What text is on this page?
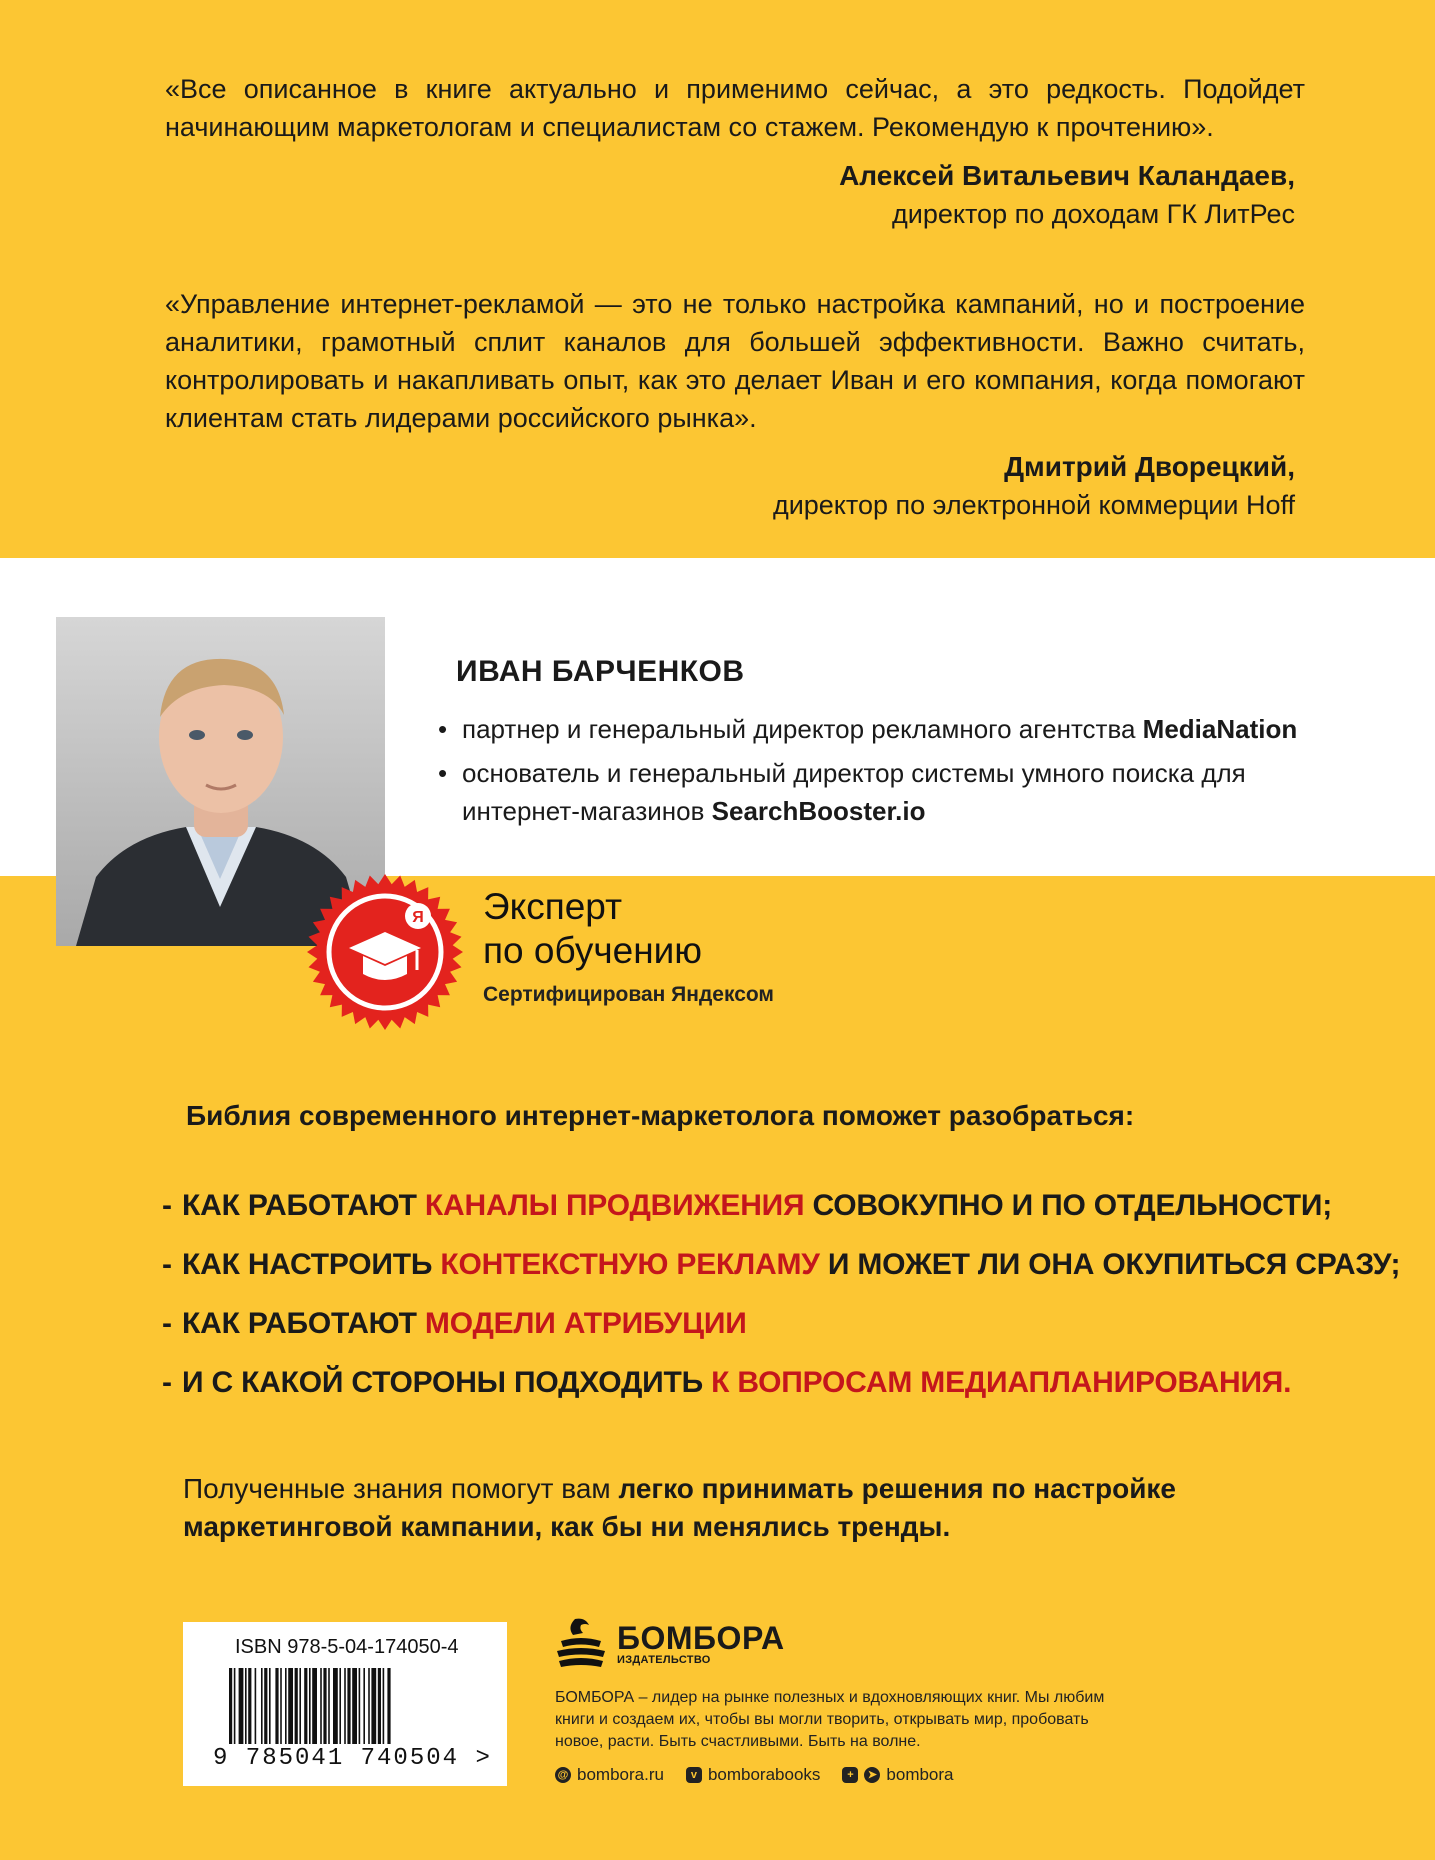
«Все описанное в книге актуально и применимо сейчас, а это редкость. Подойдет начинающим маркетологам и специалистам со стажем. Рекомендую к прочтению».

Алексей Витальевич Каландаев,
директор по доходам ГК ЛитРес

«Управление интернет-рекламой — это не только настройка кампаний, но и построение аналитики, грамотный сплит каналов для большей эффективности. Важно считать, контролировать и накапливать опыт, как это делает Иван и его компания, когда помогают клиентам стать лидерами российского рынка».

Дмитрий Дворецкий,
директор по электронной коммерции Hoff
ИВАН БАРЧЕНКОВ
• партнер и генеральный директор рекламного агентства MediaNation
• основатель и генеральный директор системы умного поиска для интернет-магазинов SearchBooster.io
Я Эксперт
по обучению
Сертифицирован Яндексом
Библия современного интернет-маркетолога поможет разобраться:
- КАК РАБОТАЮТ КАНАЛЫ ПРОДВИЖЕНИЯ СОВОКУПНО И ПО ОТДЕЛЬНОСТИ;
- КАК НАСТРОИТЬ КОНТЕКСТНУЮ РЕКЛАМУ И МОЖЕТ ЛИ ОНА ОКУПИТЬСЯ СРАЗУ;
- КАК РАБОТАЮТ МОДЕЛИ АТРИБУЦИИ
- И С КАКОЙ СТОРОНЫ ПОДХОДИТЬ К ВОПРОСАМ МЕДИАПЛАНИРОВАНИЯ.

Полученные знания помогут вам легко принимать решения по настройке маркетинговой кампании, как бы ни менялись тренды.

ISBN 978-5-04-174050-4
9 785041 740504 >
БОМБОРА
ИЗДАТЕЛЬСТВО
БОМБОРА – лидер на рынке полезных и вдохновляющих книг. Мы любим книги и создаем их, чтобы вы могли творить, открывать мир, пробовать новое, расти. Быть счастливыми. Быть на волне.
@ bombora.ru	v bomborabooks	+	➤ bombora
